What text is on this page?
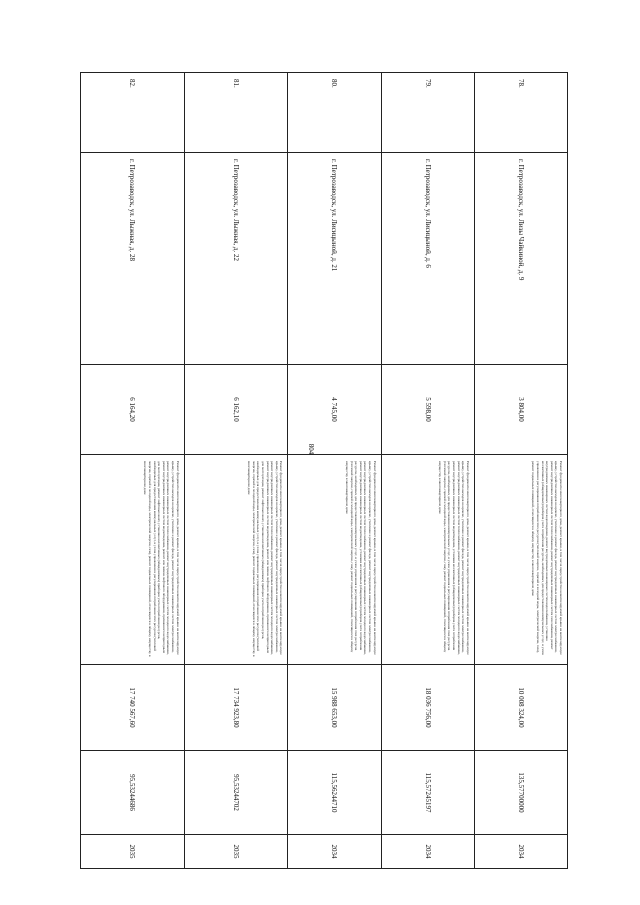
804
78.	г. Петрозаводск, ул. Лизы Чайкиной, д. 9	3 804,00	Ремонт фундамента многоквартирного дома, ремонт крыши, в том числе переустройство невентилируемой крыши на вентилируемую крышу, устройство выходов на кровлю, утепление и ремонт фасада, ремонт внутридомовых инженерных систем электроснабжения, ремонт внутридомовых инженерных систем теплоснабжения, ремонт внутридомовых инженерных систем газоснабжения, ремонт внутридомовых инженерных систем водоотведения, ремонт внутридомовых инженерных систем водоснабжения, установка коллективных (общедомовых) приборов учета потребления ресурсов, необходимых для предоставления коммунальных услуг, и узлов управления и регулирования потребления этих ресурсов (тепловой энергии, горячей и холодной воды, электрической энергии, газа), ремонт подвальных помещений, относящихся к общему имуществу в многоквартирном доме	10 008 324,00	135,57700000	2034
79.	г. Петрозаводск, ул. Лисицыной, д. 6	5 598,00	Ремонт фундамента многоквартирного дома, ремонт крыши, в том числе переустройство невентилируемой крыши на вентилируемую крышу, устройство выходов на кровлю, утепление и ремонт фасада, ремонт внутридомовых инженерных систем электроснабжения, ремонт внутридомовых инженерных систем теплоснабжения, ремонт внутридомовых инженерных систем холодного водоснабжения, ремонт внутридомовых инженерных систем водоотведения, установка коллективных (общедомовых) приборов учета потребления ресурсов, необходимых для предоставления коммунальных услуг, и узлов управления и регулирования потребления этих ресурсов (тепловой энергии, горячей и холодной воды, электрической энергии, газа), ремонт подвальных помещений, относящихся к общему имуществу в многоквартирном доме	18 036 756,00	115,57245197	2034
80.	г. Петрозаводск, ул. Лисицыной, д. 21	4 745,00	Ремонт фундамента многоквартирного дома, ремонт крыши, в том числе переустройство невентилируемой крыши на вентилируемую крышу, устройство выходов на кровлю, утепление и ремонт фасада, ремонт внутридомовых инженерных систем электроснабжения, ремонт внутридомовых инженерных систем теплоснабжения, ремонт внутридомовых инженерных систем холодного водоснабжения, ремонт внутридомовых инженерных систем водоотведения, установка коллективных (общедомовых) приборов учета потребления ресурсов, необходимых для предоставления коммунальных услуг, и узлов управления и регулирования потребления этих ресурсов (тепловой энергии, горячей и холодной воды, электрической энергии, газа), ремонт подвальных помещений, относящихся к общему имуществу в многоквартирном доме	15 988 653,00	115,56244710	2034
81.	г. Петрозаводск, ул. Лыжная, д. 22	6 162,10	Ремонт фундамента многоквартирного дома, ремонт крыши, в том числе переустройство невентилируемой крыши на вентилируемую крышу, устройство выходов на кровлю, утепление и ремонт фасада, ремонт внутридомовых инженерных систем электроснабжения, ремонт внутридомовых инженерных систем теплоснабжения, ремонт внутридомовых инженерных систем холодного водоснабжения, ремонт внутридомовых инженерных систем водоотведения, ремонт или замена лифтового оборудования, признанного непригодным для эксплуатации, ремонт лифтовых шахт, установка коллективных (общедомовых) приборов учета потребления ресурсов, необходимых для предоставления коммунальных услуг, и узлов управления и регулирования потребления этих ресурсов (тепловой энергии, горячей и холодной воды, электрической энергии, газа), ремонт подвальных помещений, относящихся к общему имуществу в многоквартирном доме	17 734 923,80	95,53244702	2035
82.	г. Петрозаводск, ул. Лыжная, д. 28	6 164,20	Ремонт фундамента многоквартирного дома, ремонт крыши, в том числе переустройство невентилируемой крыши на вентилируемую крышу, устройство выходов на кровлю, утепление и ремонт фасада, ремонт внутридомовых инженерных систем электроснабжения, ремонт внутридомовых инженерных систем теплоснабжения, ремонт внутридомовых инженерных систем холодного водоснабжения, ремонт внутридомовых инженерных систем водоотведения, ремонт или замена лифтового оборудования, признанного непригодным для эксплуатации, ремонт лифтовых шахт, установка коллективных (общедомовых) приборов учета потребления ресурсов, необходимых для предоставления коммунальных услуг, и узлов управления и регулирования потребления этих ресурсов (тепловой энергии, горячей и холодной воды, электрической энергии, газа), ремонт подвальных помещений, относящихся к общему имуществу в многоквартирном доме	17 740 567,60	95,53244686	2035
